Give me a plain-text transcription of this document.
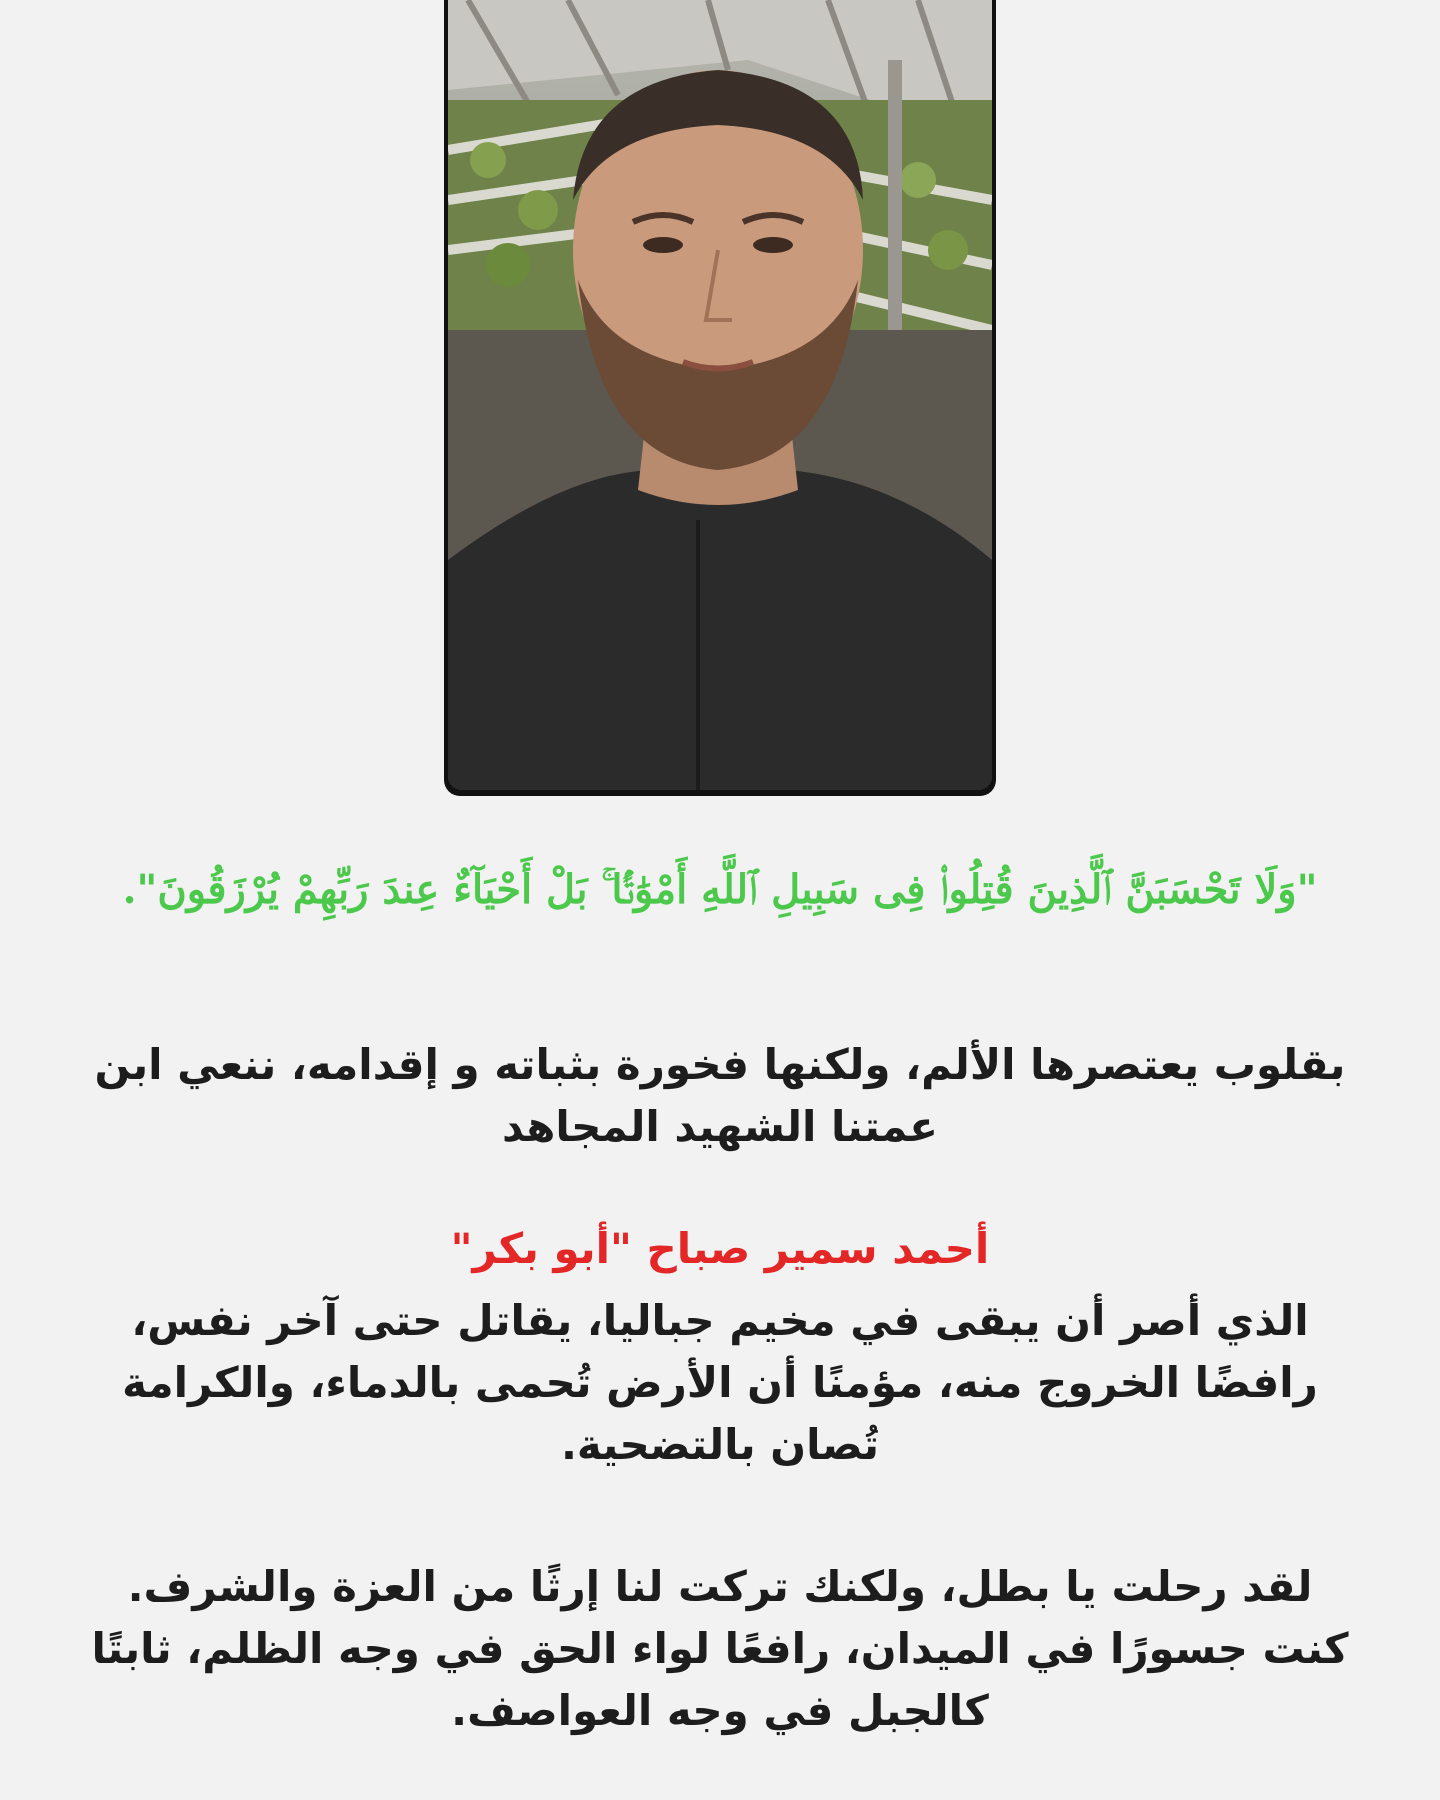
"وَلَا تَحْسَبَنَّ ٱلَّذِينَ قُتِلُوا۟ فِى سَبِيلِ ٱللَّهِ أَمْوَٰتًۢا ۚ بَلْ أَحْيَآءٌ عِندَ رَبِّهِمْ يُرْزَقُونَ".

بقلوب يعتصرها الألم، ولكنها فخورة بثباته و إقدامه، ننعي ابن عمتنا الشهيد المجاهد

أحمد سمير صباح "أبو بكر"

الذي أصر أن يبقى في مخيم جباليا، يقاتل حتى آخر نفس، رافضًا الخروج منه، مؤمنًا أن الأرض تُحمى بالدماء، والكرامة تُصان بالتضحية.

لقد رحلت يا بطل، ولكنك تركت لنا إرثًا من العزة والشرف. كنت جسورًا في الميدان، رافعًا لواء الحق في وجه الظلم، ثابتًا كالجبل في وجه العواصف.
